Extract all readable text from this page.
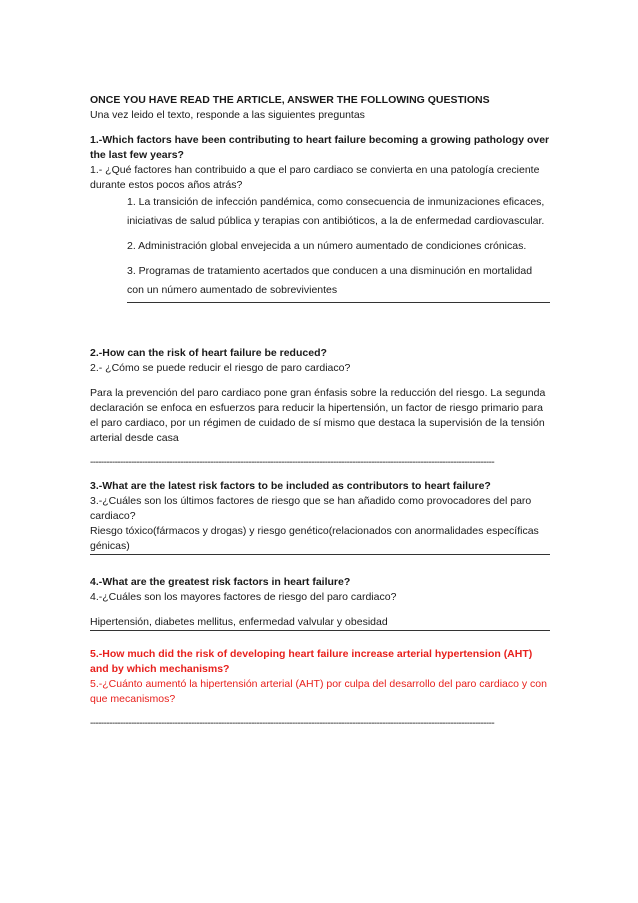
ONCE YOU HAVE READ THE ARTICLE, ANSWER THE FOLLOWING QUESTIONS

Una vez leido el texto, responde a las siguientes preguntas

1.-Which factors have been contributing to heart failure becoming a growing pathology over the last few years?

1.- ¿Qué factores han contribuido a que el paro cardiaco se convierta en una patología creciente durante estos pocos años atrás?

1. La transición de infección pandémica, como consecuencia de inmunizaciones eficaces, iniciativas de salud pública y terapias con antibióticos, a la de enfermedad cardiovascular.

2. Administración global envejecida a un número aumentado de condiciones crónicas.

3. Programas de tratamiento acertados que conducen a una disminución en mortalidad con un número aumentado de sobrevivientes

2.-How can the risk of heart failure be reduced?

2.- ¿Cómo se puede reducir el riesgo de paro cardiaco?

Para la prevención del paro cardiaco pone gran énfasis sobre la reducción del riesgo. La segunda declaración se enfoca en esfuerzos para reducir la hipertensión, un factor de riesgo primario para el paro cardiaco, por un régimen de cuidado de sí mismo que destaca la supervisión de la tensión arterial desde casa

----------------------------------------------------------------------------------------------------------------------------------------------------

3.-What are the latest risk factors to be included as contributors to heart failure?

3.-¿Cuáles son los últimos factores de riesgo que se han añadido como provocadores del paro cardiaco?

Riesgo tóxico(fármacos y drogas) y riesgo genético(relacionados con anormalidades específicas génicas)

4.-What are the greatest risk factors in heart failure?

4.-¿Cuáles son los mayores factores de riesgo del paro cardiaco?

Hipertensión, diabetes mellitus, enfermedad valvular y obesidad

5.-How much did the risk of developing heart failure increase arterial hypertension (AHT) and by which mechanisms?

5.-¿Cuánto aumentó la hipertensión arterial (AHT) por culpa del desarrollo del paro cardiaco y con que mecanismos?

----------------------------------------------------------------------------------------------------------------------------------------------------
